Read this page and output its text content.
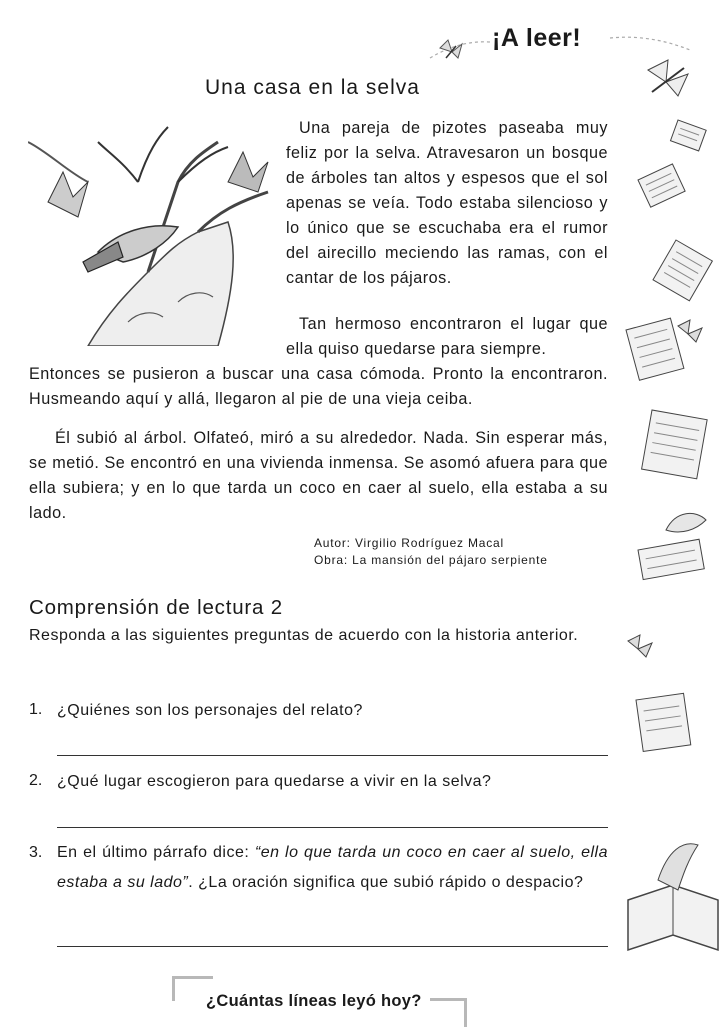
¡A leer!
Una casa en la selva
Una pareja de pizotes paseaba muy feliz por la selva. Atravesaron un bosque de árboles tan altos y espesos que el sol apenas se veía. Todo estaba silencioso y lo único que se escuchaba era el rumor del airecillo meciendo las ramas, con el cantar de los pájaros.
Tan hermoso encontraron el lugar que ella quiso quedarse para siempre.
Entonces se pusieron a buscar una casa cómoda. Pronto la encontraron. Husmeando aquí y allá, llegaron al pie de una vieja ceiba.
Él subió al árbol. Olfateó, miró a su alrededor. Nada. Sin esperar más, se metió. Se encontró en una vivienda inmensa. Se asomó afuera para que ella subiera; y en lo que tarda un coco en caer al suelo, ella estaba a su lado.
Autor: Virgilio Rodríguez Macal
Obra: La mansión del pájaro serpiente
Comprensión de lectura 2
Responda a las siguientes preguntas de acuerdo con la historia anterior.
1. ¿Quiénes son los personajes del relato?
2. ¿Qué lugar escogieron para quedarse a vivir en la selva?
3. En el último párrafo dice: “en lo que tarda un coco en caer al suelo, ella estaba a su lado”. ¿La oración significa que subió rápido o despacio?
¿Cuántas líneas leyó hoy?
